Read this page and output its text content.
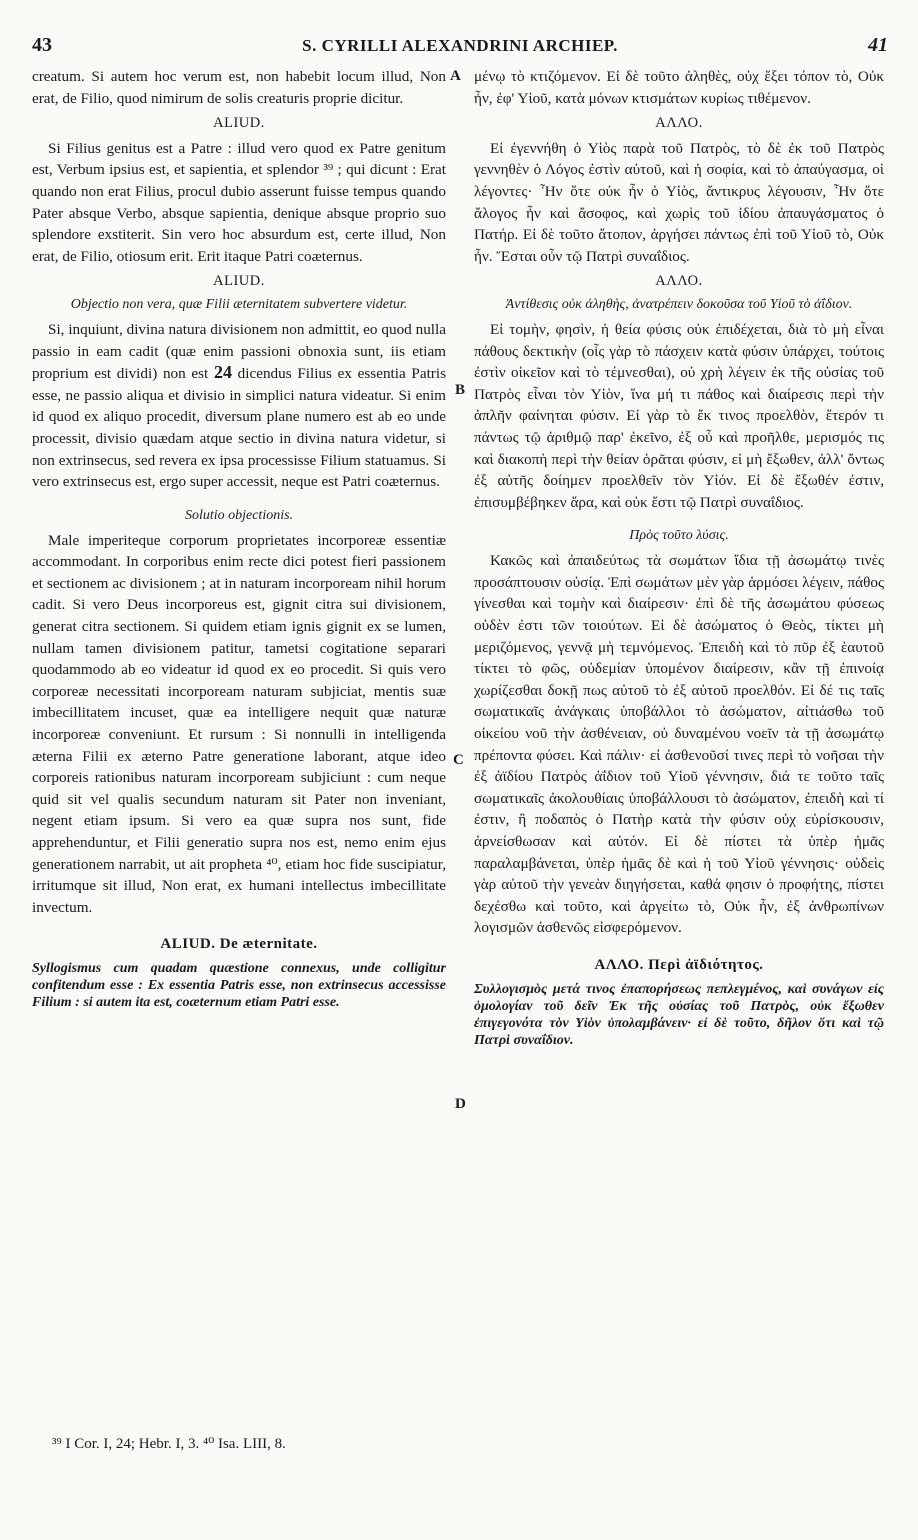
43	S. CYRILLI ALEXANDRINI ARCHIEP.	41
A
B
C
D

creatum. Si autem hoc verum est, non habebit locum illud, Non erat, de Filio, quod nimirum de solis creaturis proprie dicitur.

ALIUD.

Si Filius genitus est a Patre : illud vero quod ex Patre genitum est, Verbum ipsius est, et sapientia, et splendor ³⁹ ; qui dicunt : Erat quando non erat Filius, procul dubio asserunt fuisse tempus quando Pater absque Verbo, absque sapientia, denique absque proprio suo splendore exstiterit. Sin vero hoc absurdum est, certe illud, Non erat, de Filio, otiosum erit. Erit itaque Patri coæternus.

ALIUD.
Objectio non vera, quæ Filii æternitatem subvertere videtur.

Si, inquiunt, divina natura divisionem non admittit, eo quod nulla passio in eam cadit (quæ enim passioni obnoxia sunt, iis etiam proprium est dividi) non est 24 dicendus Filius ex essentia Patris esse, ne passio aliqua et divisio in simplici natura videatur. Si enim id quod ex aliquo procedit, diversum plane numero est ab eo unde processit, divisio quædam atque sectio in divina natura videtur, si non extrinsecus, sed revera ex ipsa processisse Filium statuamus. Si vero extrinsecus est, ergo super accessit, neque est Patri coæternus.

Solutio objectionis.

Male imperiteque corporum proprietates incorporeæ essentiæ accommodant. In corporibus enim recte dici potest fieri passionem et sectionem ac divisionem ; at in naturam incorpoream nihil horum cadit. Si vero Deus incorporeus est, gignit citra sui divisionem, generat citra sectionem. Si quidem etiam ignis gignit ex se lumen, nullam tamen divisionem patitur, tametsi cogitatione separari quodammodo ab eo videatur id quod ex eo procedit. Si quis vero corporeæ necessitati incorpoream naturam subjiciat, mentis suæ imbecillitatem incuset, quæ ea intelligere nequit quæ naturæ incorporeæ conveniunt. Et rursum : Si nonnulli in intelligenda æterna Filii ex æterno Patre generatione laborant, atque ideo corporeis rationibus naturam incorpoream subjiciunt : cum neque quid sit vel qualis secundum naturam sit Pater non inveniant, negent etiam ipsum. Si vero ea quæ supra nos sunt, fide apprehenduntur, et Filii generatio supra nos est, nemo enim ejus generationem narrabit, ut ait propheta ⁴⁰, etiam hoc fide suscipiatur, irritumque sit illud, Non erat, ex humani intellectus imbecillitate invectum.

ALIUD. De æternitate.
Syllogismus cum quadam quæstione connexus, unde colligitur confitendum esse : Ex essentia Patris esse, non extrinsecus accessisse Filium : si autem ita est, coæternum etiam Patri esse.

μένῳ τὸ κτιζόμενον. Εἰ δὲ τοῦτο ἀληθὲς, οὐχ ἕξει τόπον τὸ, Οὐκ ἦν, ἐφ' Υἱοῦ, κατὰ μόνων κτισμάτων κυρίως τιθέμενον.

ΑΛΛΟ.

Εἰ ἐγεννήθη ὁ Υἱὸς παρὰ τοῦ Πατρὸς, τὸ δὲ ἐκ τοῦ Πατρὸς γεννηθὲν ὁ Λόγος ἐστὶν αὐτοῦ, καὶ ἡ σοφία, καὶ τὸ ἀπαύγασμα, οἱ λέγοντες· Ἦν ὅτε οὐκ ἦν ὁ Υἱὸς, ἄντικρυς λέγουσιν, Ἦν ὅτε ἄλογος ἦν καὶ ἄσοφος, καὶ χωρὶς τοῦ ἰδίου ἀπαυγάσματος ὁ Πατήρ. Εἰ δὲ τοῦτο ἄτοπον, ἀργήσει πάντως ἐπὶ τοῦ Υἱοῦ τὸ, Οὐκ ἦν. Ἔσται οὖν τῷ Πατρὶ συναΐδιος.

ΑΛΛΟ.
Ἀντίθεσις οὐκ ἀληθὴς, ἀνατρέπειν δοκοῦσα τοῦ Υἱοῦ τὸ ἀΐδιον.

Εἰ τομὴν, φησὶν, ἡ θεία φύσις οὐκ ἐπιδέχεται, διὰ τὸ μὴ εἶναι πάθους δεκτικὴν (οἷς γὰρ τὸ πάσχειν κατὰ φύσιν ὑπάρχει, τούτοις ἐστὶν οἰκεῖον καὶ τὸ τέμνεσθαι), οὐ χρὴ λέγειν ἐκ τῆς οὐσίας τοῦ Πατρὸς εἶναι τὸν Υἱὸν, ἵνα μή τι πάθος καὶ διαίρεσις περὶ τὴν ἁπλῆν φαίνηται φύσιν. Εἰ γὰρ τὸ ἔκ τινος προελθὸν, ἕτερόν τι πάντως τῷ ἀριθμῷ παρ' ἐκεῖνο, ἐξ οὗ καὶ προῆλθε, μερισμός τις καὶ διακοπὴ περὶ τὴν θείαν ὁρᾶται φύσιν, εἰ μὴ ἔξωθεν, ἀλλ' ὄντως ἐξ αὐτῆς δοίημεν προελθεῖν τὸν Υἱόν. Εἰ δὲ ἔξωθέν ἐστιν, ἐπισυμβέβηκεν ἄρα, καὶ οὐκ ἔστι τῷ Πατρὶ συναΐδιος.

Πρὸς τοῦτο λύσις.

Κακῶς καὶ ἀπαιδεύτως τὰ σωμάτων ἴδια τῇ ἀσωμάτῳ τινὲς προσάπτουσιν οὐσίᾳ. Ἐπὶ σωμάτων μὲν γὰρ ἁρμόσει λέγειν, πάθος γίνεσθαι καὶ τομὴν καὶ διαίρεσιν· ἐπὶ δὲ τῆς ἀσωμάτου φύσεως οὐδὲν ἐστι τῶν τοιούτων. Εἰ δὲ ἀσώματος ὁ Θεὸς, τίκτει μὴ μεριζόμενος, γεννᾷ μὴ τεμνόμενος. Ἐπειδὴ καὶ τὸ πῦρ ἐξ ἑαυτοῦ τίκτει τὸ φῶς, οὐδεμίαν ὑπομένον διαίρεσιν, κἂν τῇ ἐπινοίᾳ χωρίζεσθαι δοκῇ πως αὐτοῦ τὸ ἐξ αὐτοῦ προελθόν. Εἰ δέ τις ταῖς σωματικαῖς ἀνάγκαις ὑποβάλλοι τὸ ἀσώματον, αἰτιάσθω τοῦ οἰκείου νοῦ τὴν ἀσθένειαν, οὐ δυναμένου νοεῖν τὰ τῇ ἀσωμάτῳ πρέποντα φύσει. Καὶ πάλιν· εἰ ἀσθενοῦσί τινες περὶ τὸ νοῆσαι τὴν ἐξ ἀϊδίου Πατρὸς ἀΐδιον τοῦ Υἱοῦ γέννησιν, διά τε τοῦτο ταῖς σωματικαῖς ἀκολουθίαις ὑποβάλλουσι τὸ ἀσώματον, ἐπειδὴ καὶ τί ἐστιν, ἢ ποδαπὸς ὁ Πατὴρ κατὰ τὴν φύσιν οὐχ εὑρίσκουσιν, ἀρνείσθωσαν καὶ αὐτόν. Εἰ δὲ πίστει τὰ ὑπὲρ ἡμᾶς παραλαμβάνεται, ὑπὲρ ἡμᾶς δὲ καὶ ἡ τοῦ Υἱοῦ γέννησις· οὐδεὶς γὰρ αὐτοῦ τὴν γενεὰν διηγήσεται, καθά φησιν ὁ προφήτης, πίστει δεχέσθω καὶ τοῦτο, καὶ ἀργείτω τὸ, Οὐκ ἦν, ἐξ ἀνθρωπίνων λογισμῶν ἀσθενῶς εἰσφερόμενον.

ΑΛΛΟ. Περὶ ἀϊδιότητος.
Συλλογισμὸς μετά τινος ἐπαπορήσεως πεπλεγμένος, καὶ συνάγων εἰς ὁμολογίαν τοῦ δεῖν Ἐκ τῆς οὐσίας τοῦ Πατρὸς, οὐκ ἔξωθεν ἐπιγεγονότα τὸν Υἱὸν ὑπολαμβάνειν· εἰ δὲ τοῦτο, δῆλον ὅτι καὶ τῷ Πατρὶ συναΐδιον.
³⁹ I Cor. I, 24; Hebr. I, 3. ⁴⁰ Isa. LIII, 8.
